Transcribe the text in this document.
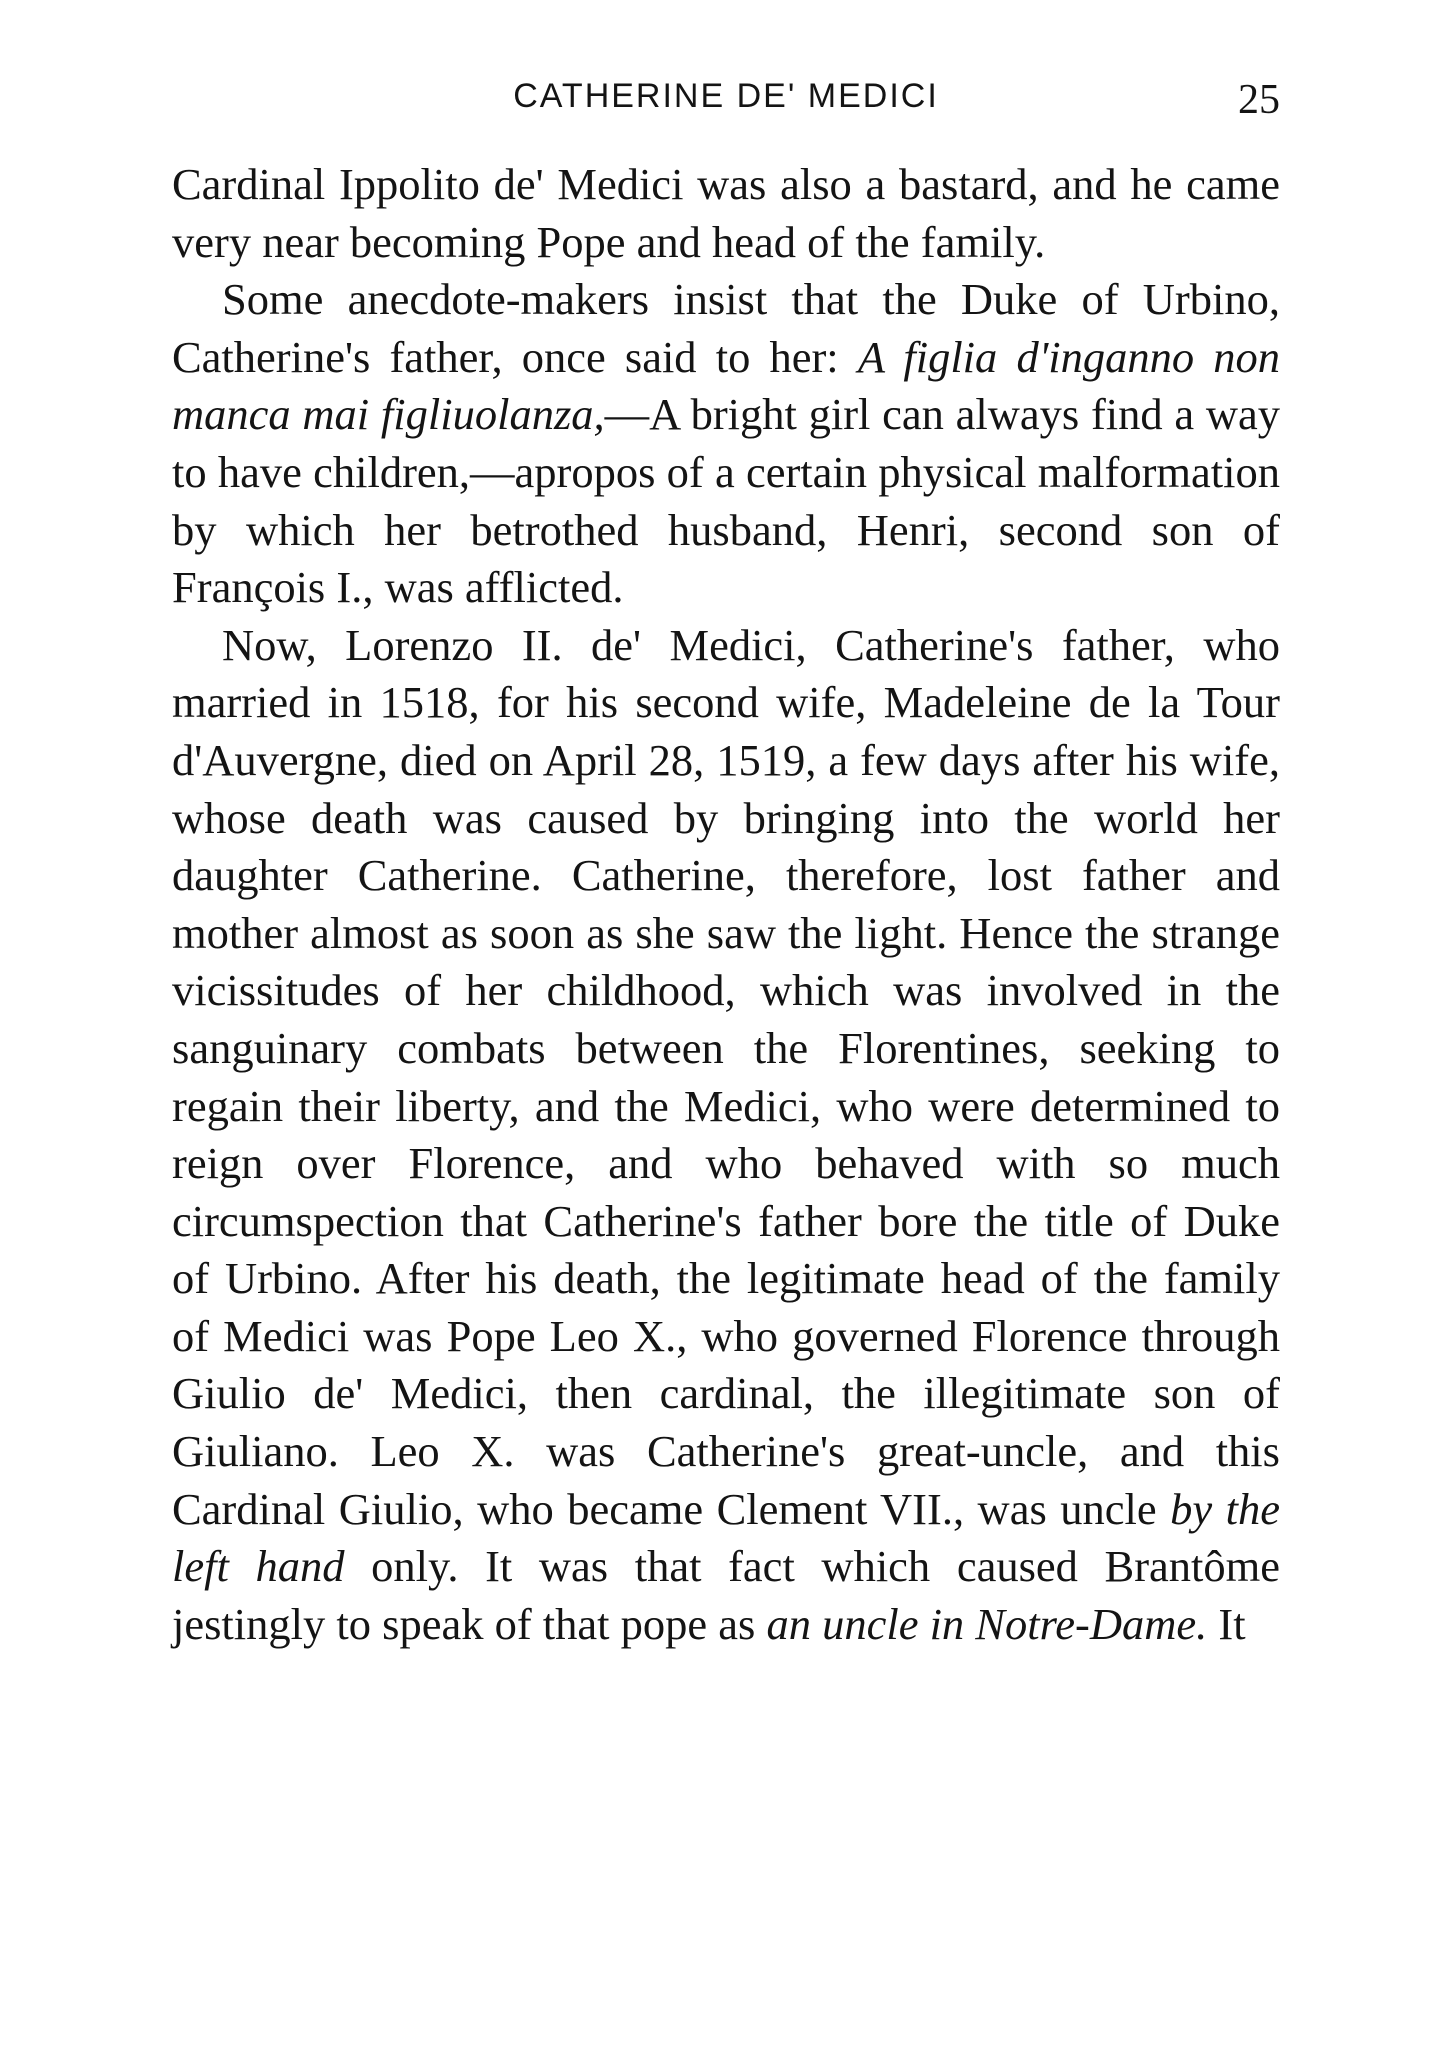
CATHERINE DE' MEDICI	25

Cardinal Ippolito de' Medici was also a bastard, and he came very near becoming Pope and head of the family.

Some anecdote-makers insist that the Duke of Urbino, Catherine's father, once said to her: A figlia d'inganno non manca mai figliuolanza,—A bright girl can always find a way to have children,—apropos of a certain physical malformation by which her betrothed husband, Henri, second son of François I., was afflicted.

Now, Lorenzo II. de' Medici, Catherine's father, who married in 1518, for his second wife, Madeleine de la Tour d'Auvergne, died on April 28, 1519, a few days after his wife, whose death was caused by bringing into the world her daughter Catherine. Catherine, therefore, lost father and mother almost as soon as she saw the light. Hence the strange vicissitudes of her childhood, which was involved in the sanguinary combats between the Florentines, seeking to regain their liberty, and the Medici, who were determined to reign over Florence, and who behaved with so much circumspection that Catherine's father bore the title of Duke of Urbino. After his death, the legitimate head of the family of Medici was Pope Leo X., who governed Florence through Giulio de' Medici, then cardinal, the illegitimate son of Giuliano. Leo X. was Catherine's great-uncle, and this Cardinal Giulio, who became Clement VII., was uncle by the left hand only. It was that fact which caused Brantôme jestingly to speak of that pope as an uncle in Notre-Dame. It
